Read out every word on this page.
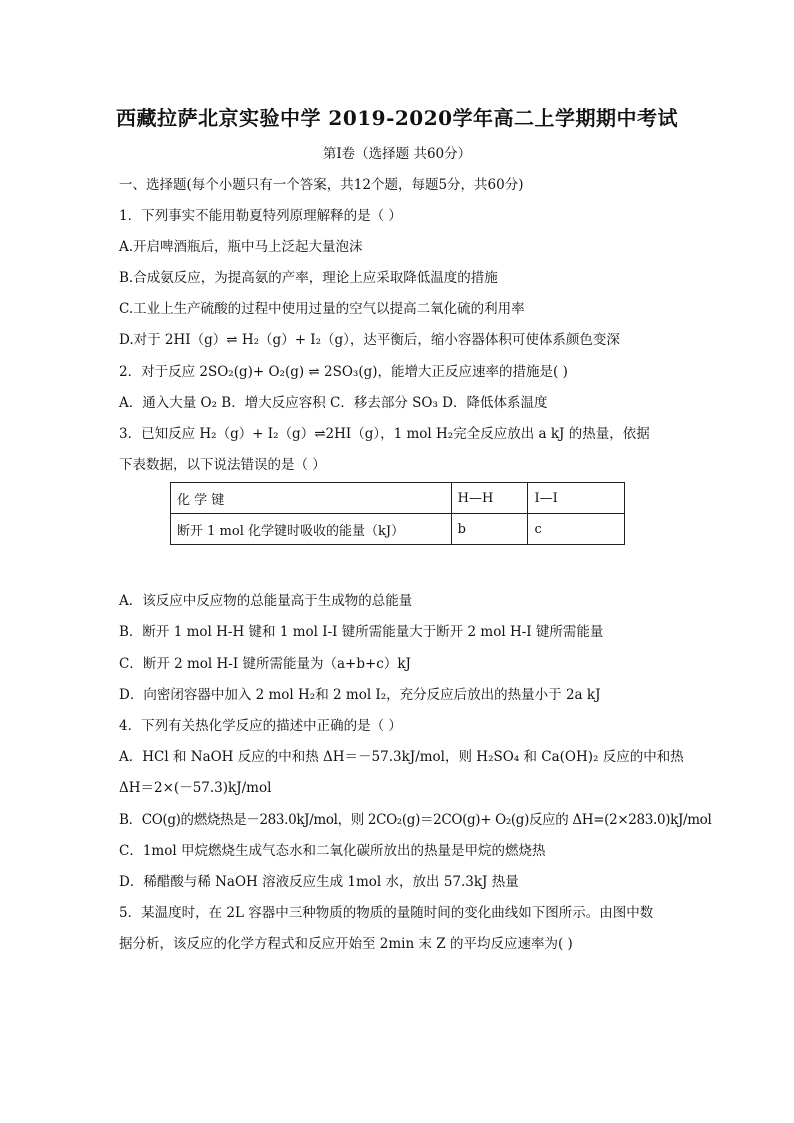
西藏拉萨北京实验中学 2019-2020学年高二上学期期中考试
第Ⅰ卷（选择题 共60分）
一、选择题(每个小题只有一个答案，共12个题，每题5分，共60分)
1．下列事实不能用勒夏特列原理解释的是（ ）
A.开启啤酒瓶后，瓶中马上泛起大量泡沫
B.合成氨反应，为提高氨的产率，理论上应采取降低温度的措施
C.工业上生产硫酸的过程中使用过量的空气以提高二氧化硫的利用率
D.对于 2HI（g）⇌ H₂（g）+ I₂（g），达平衡后，缩小容器体积可使体系颜色变深
2．对于反应 2SO₂(g)+ O₂(g) ⇌ 2SO₃(g)，能增大正反应速率的措施是( )
A．通入大量 O₂ B．增大反应容积 C．移去部分 SO₃ D．降低体系温度
3．已知反应 H₂（g）+ I₂（g）⇌2HI（g），1 mol H₂完全反应放出 a kJ 的热量，依据
下表数据，以下说法错误的是（ ）
化 学 键	H—H	I—I
断开 1 mol 化学键时吸收的能量（kJ）	b	c
A．该反应中反应物的总能量高于生成物的总能量
B．断开 1 mol H-H 键和 1 mol I-I 键所需能量大于断开 2 mol H-I 键所需能量
C．断开 2 mol H-I 键所需能量为（a+b+c）kJ
D．向密闭容器中加入 2 mol H₂和 2 mol I₂，充分反应后放出的热量小于 2a kJ
4．下列有关热化学反应的描述中正确的是（ ）
A．HCl 和 NaOH 反应的中和热 ΔH＝－57.3kJ/mol，则 H₂SO₄ 和 Ca(OH)₂ 反应的中和热
ΔH＝2×(－57.3)kJ/mol
B．CO(g)的燃烧热是－283.0kJ/mol，则 2CO₂(g)＝2CO(g)+ O₂(g)反应的 ΔH=(2×283.0)kJ/mol
C．1mol 甲烷燃烧生成气态水和二氧化碳所放出的热量是甲烷的燃烧热
D．稀醋酸与稀 NaOH 溶液反应生成 1mol 水，放出 57.3kJ 热量
5．某温度时，在 2L 容器中三种物质的物质的量随时间的变化曲线如下图所示。由图中数
据分析，该反应的化学方程式和反应开始至 2min 末 Z 的平均反应速率为( )
